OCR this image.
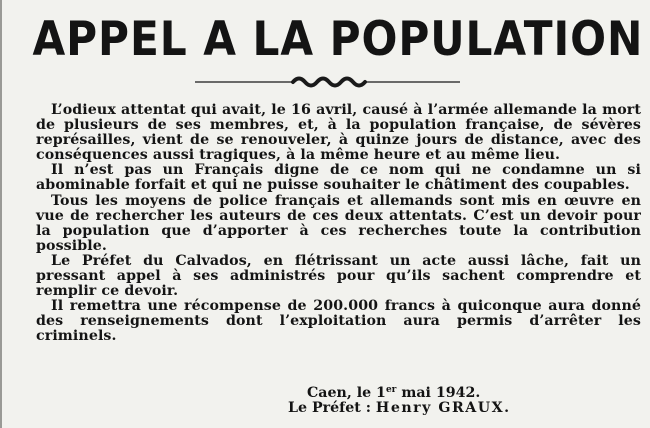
APPEL A LA POPULATION

L’odieux attentat qui avait, le 16 avril, causé à l’armée allemande la mort de plusieurs de ses membres, et, à la population française, de sévères représailles, vient de se renouveler, à quinze jours de distance, avec des conséquences aussi tragiques, à la même heure et au même lieu.

Il n’est pas un Français digne de ce nom qui ne condamne un si abominable forfait et qui ne puisse souhaiter le châtiment des coupables.

Tous les moyens de police français et allemands sont mis en œuvre en vue de rechercher les auteurs de ces deux attentats. C’est un devoir pour la population que d’apporter à ces recherches toute la contribution possible.

Le Préfet du Calvados, en flétrissant un acte aussi lâche, fait un pressant appel à ses administrés pour qu’ils sachent comprendre et remplir ce devoir.

Il remettra une récompense de 200.000 francs à quiconque aura donné des renseignements dont l’exploitation aura permis d’arrêter les criminels.

Caen, le 1er mai 1942.
Le Préfet : Henry GRAUX.
